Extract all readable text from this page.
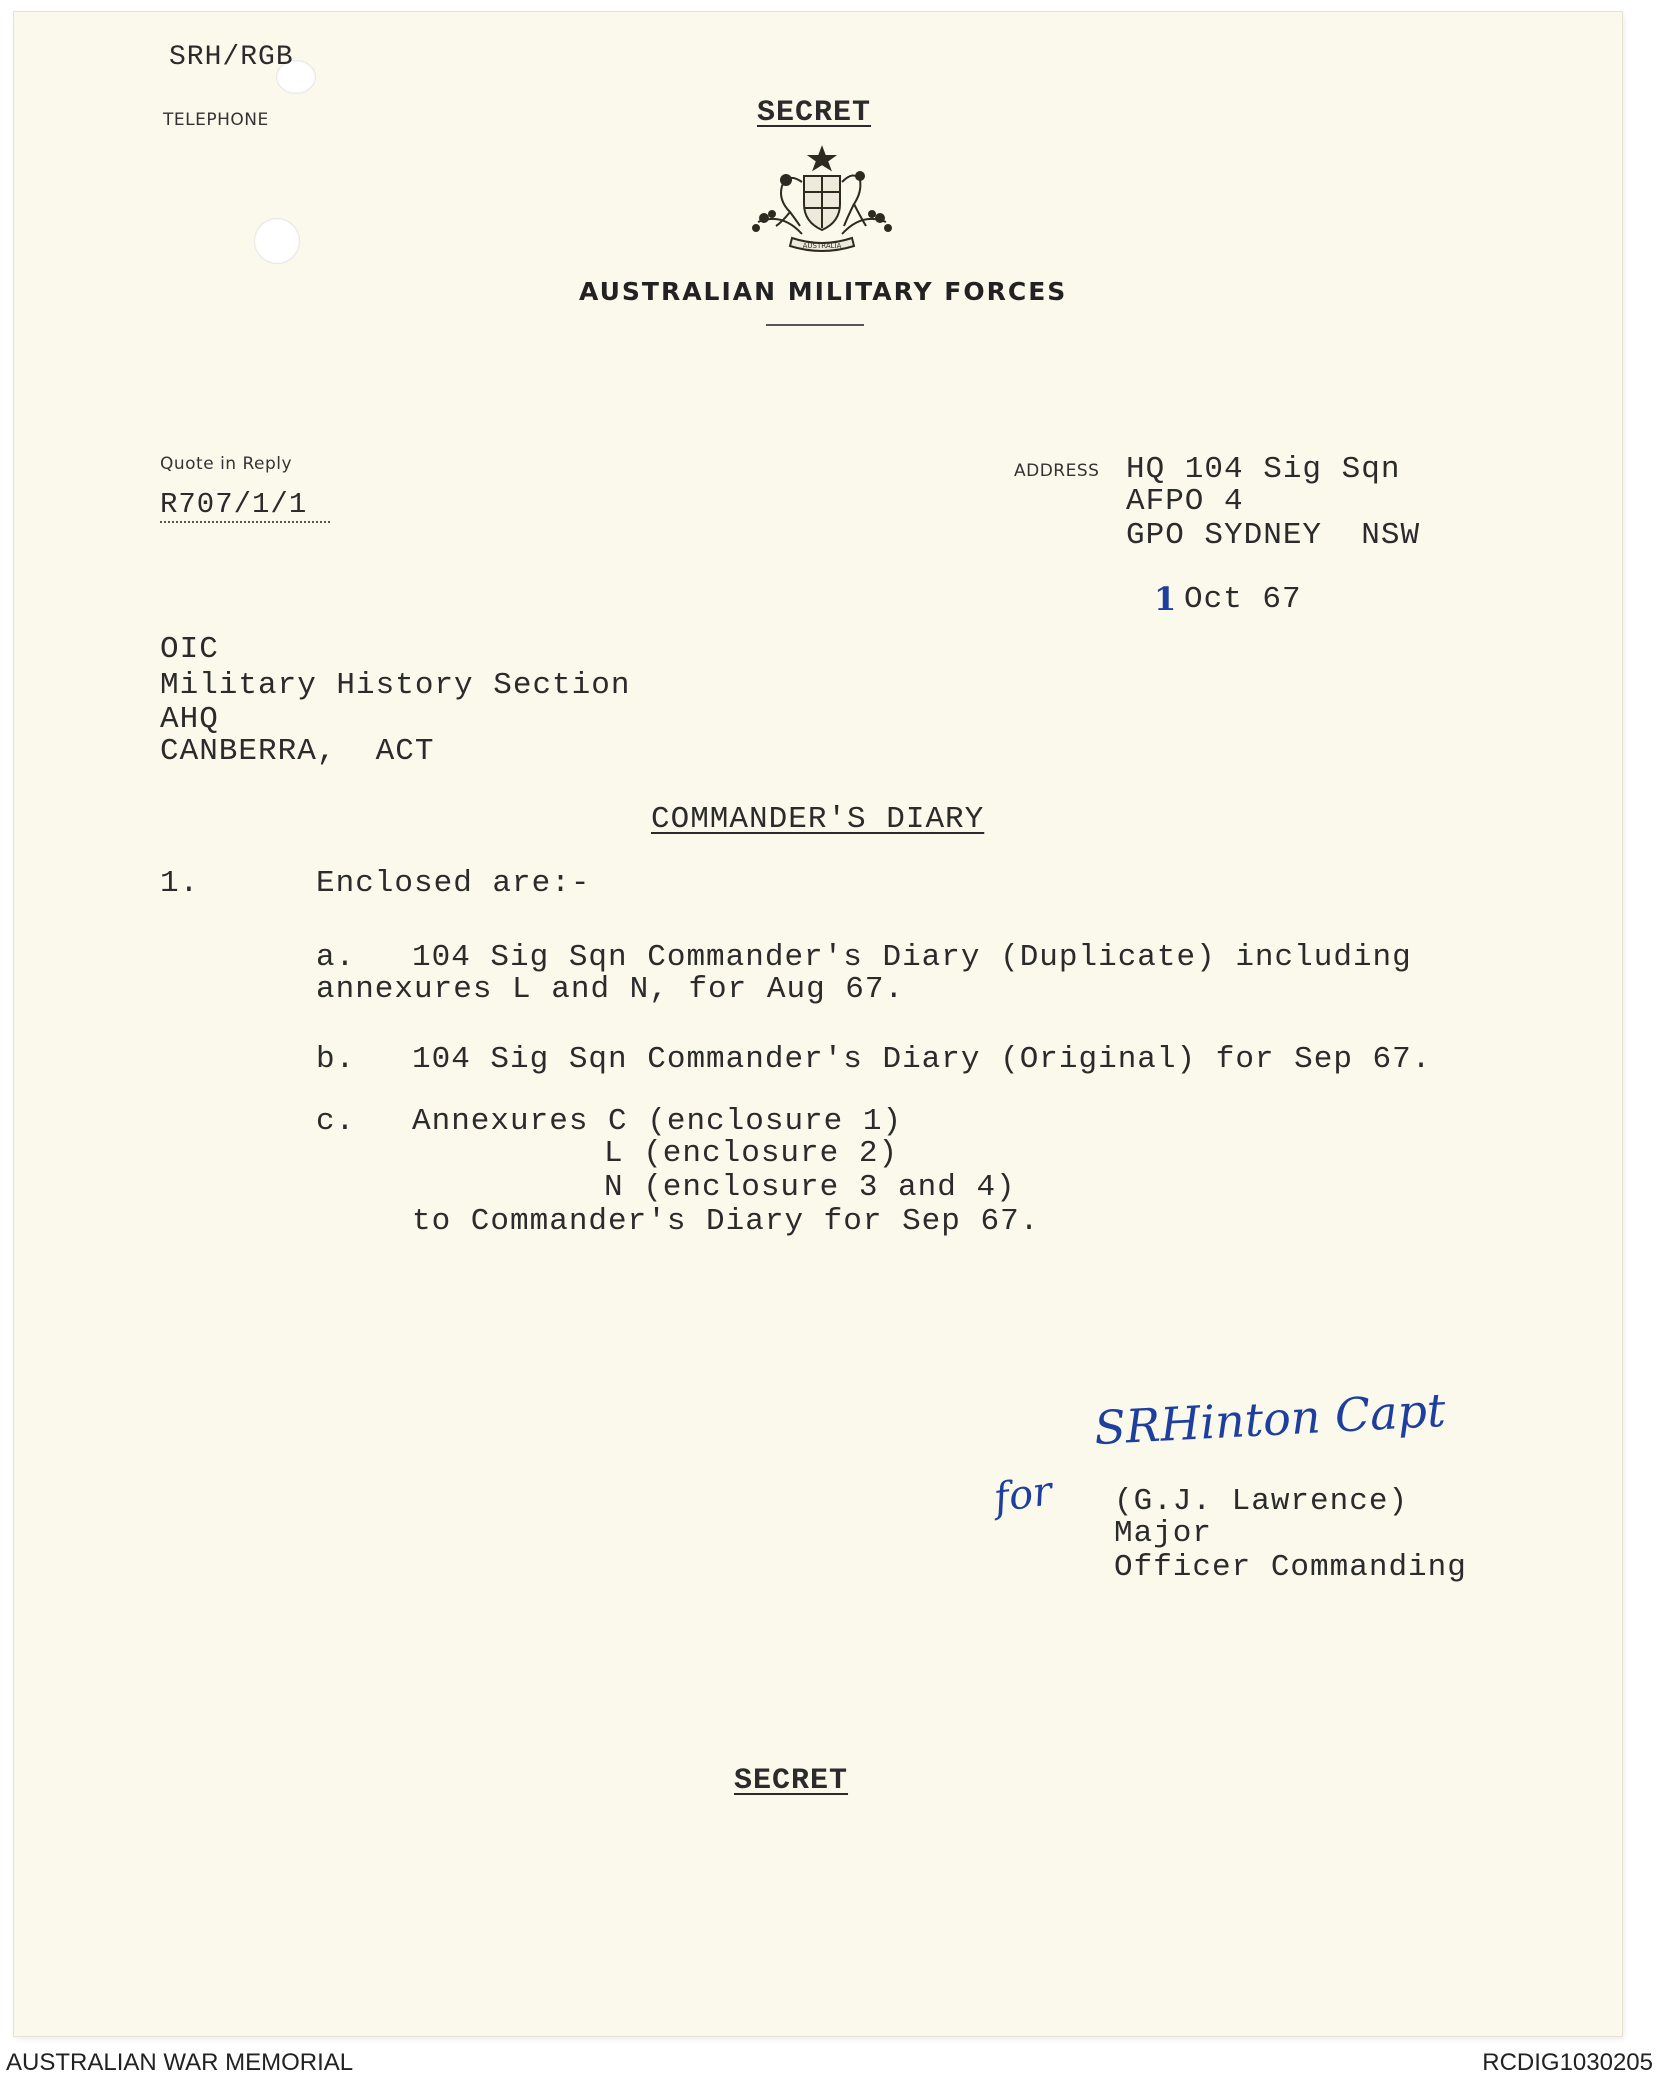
SRH/RGB
TELEPHONE	SECRET
AUSTRALIA
AUSTRALIAN MILITARY FORCES
Quote in Reply
R707/1/1
ADDRESS HQ 104 Sig Sqn
AFPO 4
GPO SYDNEY  NSW
1 Oct 67
OIC
Military History Section
AHQ
CANBERRA,  ACT
COMMANDER'S DIARY
1.	Enclosed are:-
a. 104 Sig Sqn Commander's Diary (Duplicate) including
annexures L and N, for Aug 67.
b. 104 Sig Sqn Commander's Diary (Original) for Sep 67.
c. Annexures C (enclosure 1)
L (enclosure 2)
N (enclosure 3 and 4)
to Commander's Diary for Sep 67.
SRHinton Capt
for (G.J. Lawrence)
Major
Officer Commanding
SECRET
AUSTRALIAN WAR MEMORIAL	RCDIG1030205
